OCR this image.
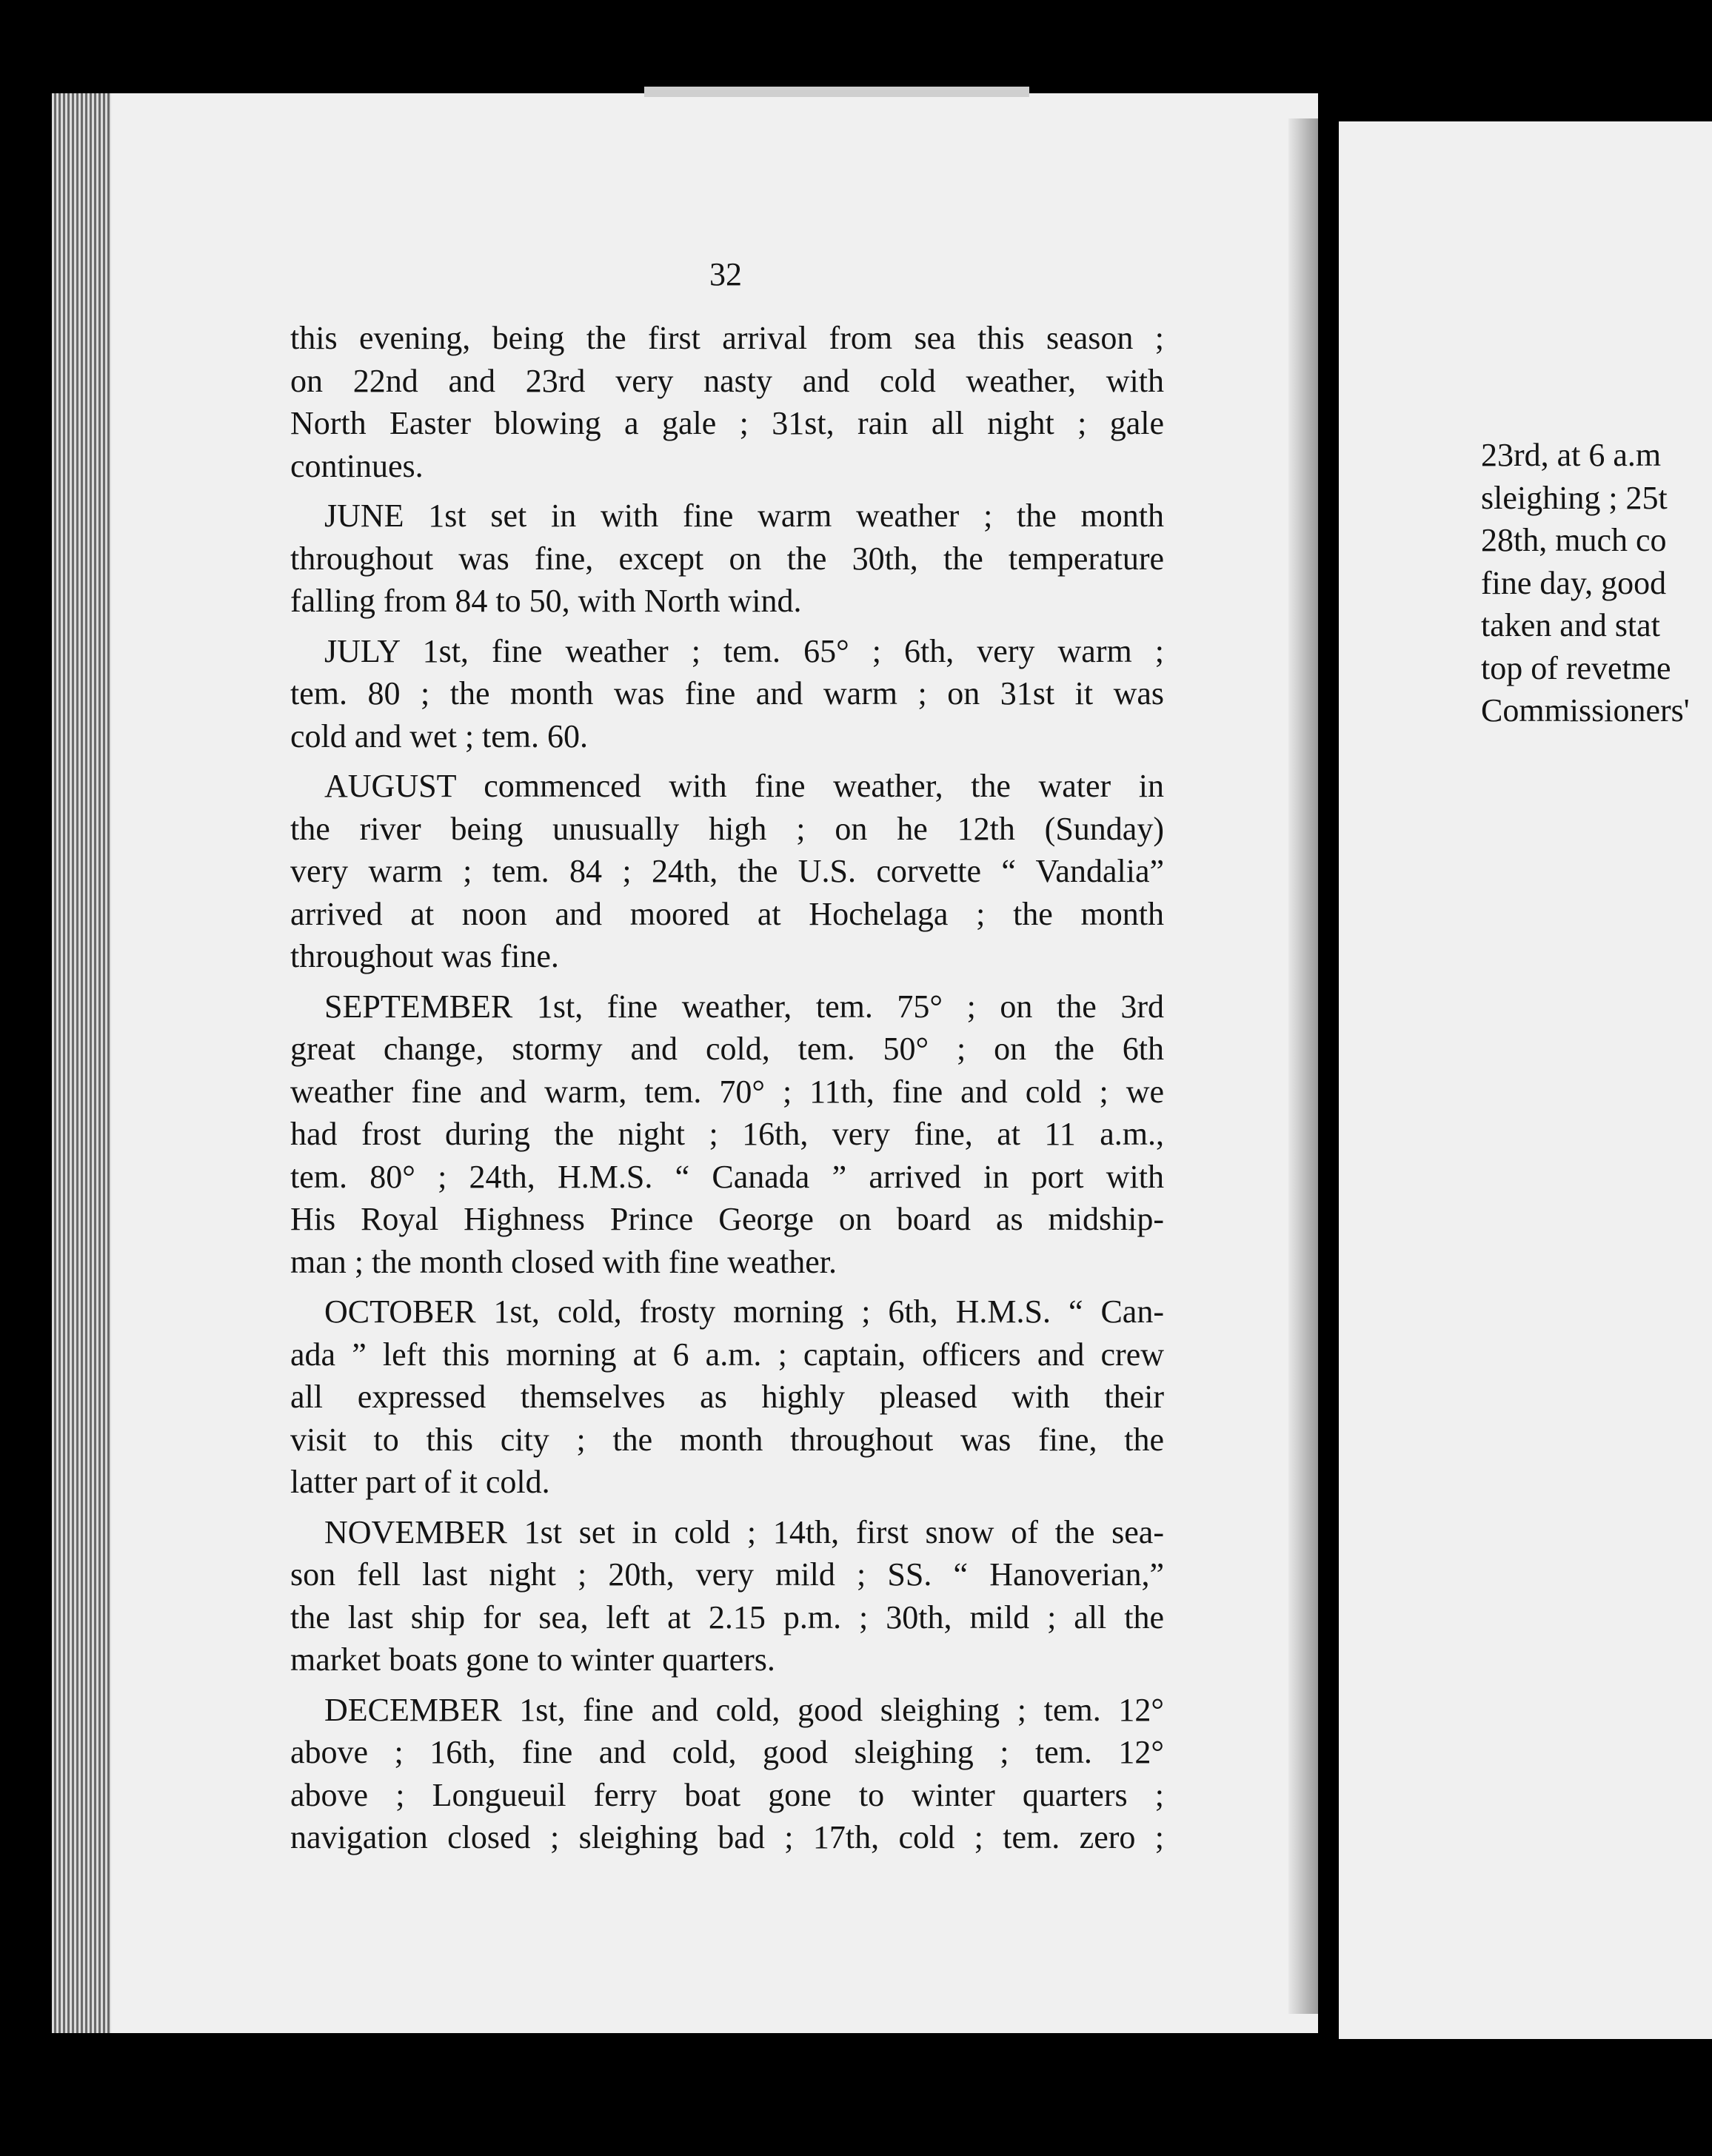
32
this evening, being the first arrival from sea this season ;
on 22nd and 23rd very nasty and cold weather, with
North Easter blowing a gale ; 31st, rain all night ; gale
continues.
JUNE 1st set in with fine warm weather ; the month
throughout was fine, except on the 30th, the temperature
falling from 84 to 50, with North wind.
JULY 1st, fine weather ; tem. 65° ; 6th, very warm ;
tem. 80 ; the month was fine and warm ; on 31st it was
cold and wet ; tem. 60.
AUGUST commenced with fine weather, the water in
the river being unusually high ; on he 12th (Sunday)
very warm ; tem. 84 ; 24th, the U.S. corvette “ Vandalia”
arrived at noon and moored at Hochelaga ; the month
throughout was fine.
SEPTEMBER 1st, fine weather, tem. 75° ; on the 3rd
great change, stormy and cold, tem. 50° ; on the 6th
weather fine and warm, tem. 70° ; 11th, fine and cold ; we
had frost during the night ; 16th, very fine, at 11 a.m.,
tem. 80° ; 24th, H.M.S. “ Canada ” arrived in port with
His Royal Highness Prince George on board as midship-
man ; the month closed with fine weather.
OCTOBER 1st, cold, frosty morning ; 6th, H.M.S. “ Can-
ada ” left this morning at 6 a.m. ; captain, officers and crew
all expressed themselves as highly pleased with their
visit to this city ; the month throughout was fine, the
latter part of it cold.
NOVEMBER 1st set in cold ; 14th, first snow of the sea-
son fell last night ; 20th, very mild ; SS. “ Hanoverian,”
the last ship for sea, left at 2.15 p.m. ; 30th, mild ; all the
market boats gone to winter quarters.
DECEMBER 1st, fine and cold, good sleighing ; tem. 12°
above ; 16th, fine and cold, good sleighing ; tem. 12°
above ; Longueuil ferry boat gone to winter quarters ;
navigation closed ; sleighing bad ; 17th, cold ; tem. zero ;
23rd, at 6 a.m
sleighing ; 25t
28th, much co
fine day, good
taken and stat
top of revetme
Commissioners'
